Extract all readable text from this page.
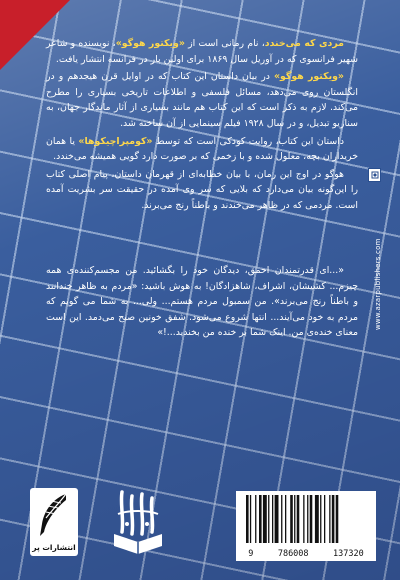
مردی که می‌خندد، نام رمانی است از «ویکتور هوگو»، نویسنده و شاعر شهیر فرانسوی که در آوریل سال ۱۸۶۹ برای اولین بار در فرانسه انتشار یافت.

«ویکتور هوگو» در بیان داستان این کتاب که در اوایل قرن هیجدهم و در انگلستان روی می‌دهد، مسائل فلسفی و اطلاعات تاریخی بسیاری را مطرح می‌کند. لازم به ذکر است که این کتاب هم مانند بسیاری از آثار ماندگار جهان، به سناریو تبدیل، و در سال ۱۹۲۸ فیلم سینمایی از آن ساخته شد.

داستان این کتاب، روایت کودکی است که توسط «کومپراچیکوها» یا همان خریداران بچه، معلول شده و با زخمی که بر صورت دارد گویی همیشه می‌خندد.

هوگو در اوج این رمان، با بیان خطابه‌ای از قهرمان داستان، پیام اصلی کتاب را این‌گونه بیان می‌دارد که بلایی که سر وی آمده در حقیقت سر بشریت آمده است. مردمی که در ظاهر می‌خندند و باطناً رنج می‌برند.

«...ای قدرتمندان احمق، دیدگان خود را بگشائید. من مجسم‌کننده‌ی همه چیزم... کشیشان، اشراف، شاهزادگان! به هوش باشید: «مردم به ظاهر خندانند و باطناً رنج می‌برند». من سمبول مردم هستم... ولی... به شما می گویم که مردم به خود می‌آیند... انتها شروع می‌شود. شفق خونین صبح می‌دمد. این است معنای خنده‌ی من. اینک شما بر خنده من بخندید...!»

www.azarpublishers.com
انتشارات پر
9	786008	137320
